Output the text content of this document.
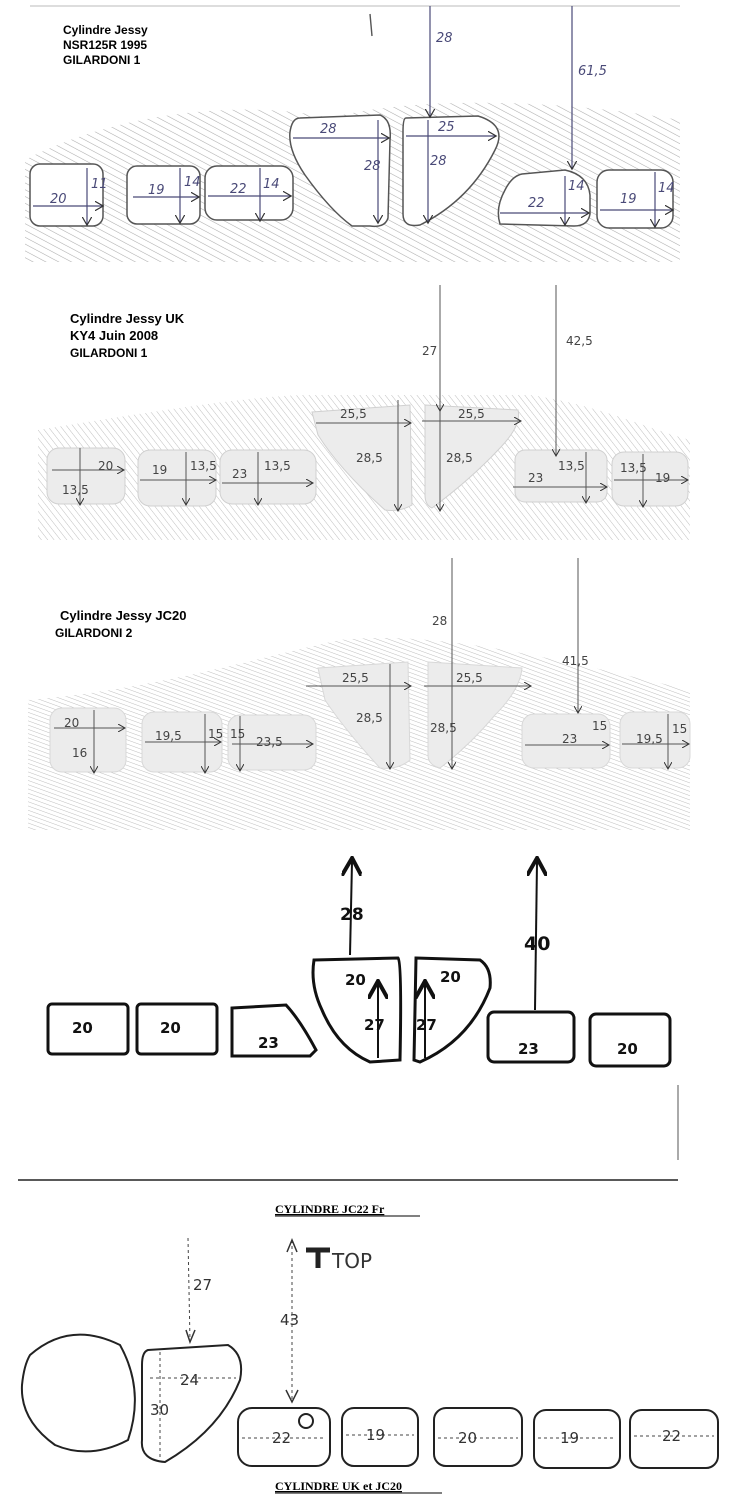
Cylindre Jessy
NSR125R 1995
GILARDONI 1
20
11	19
14 22 14
28
28
25
28
22
14
19
14
28
61,5
Cylindre Jessy UK
KY4 Juin 2008
GILARDONI 1
20
13,5
19 13,5
23
13,5
25,5
28,5
25,5
28,5
23
13,5
19
13,5
27
42,5
Cylindre Jessy JC20
GILARDONI 2
20
16
19,5 15
23,5
15
25,5
28,5
25,5
28,5
23
15
19,5
15
28
41,5
20	20
23
20
27
20
27
23	20
28
40
CYLINDRE JC22 Fr
TOP
24
30
22	19	20	19	22
27
43
CYLINDRE UK et JC20
